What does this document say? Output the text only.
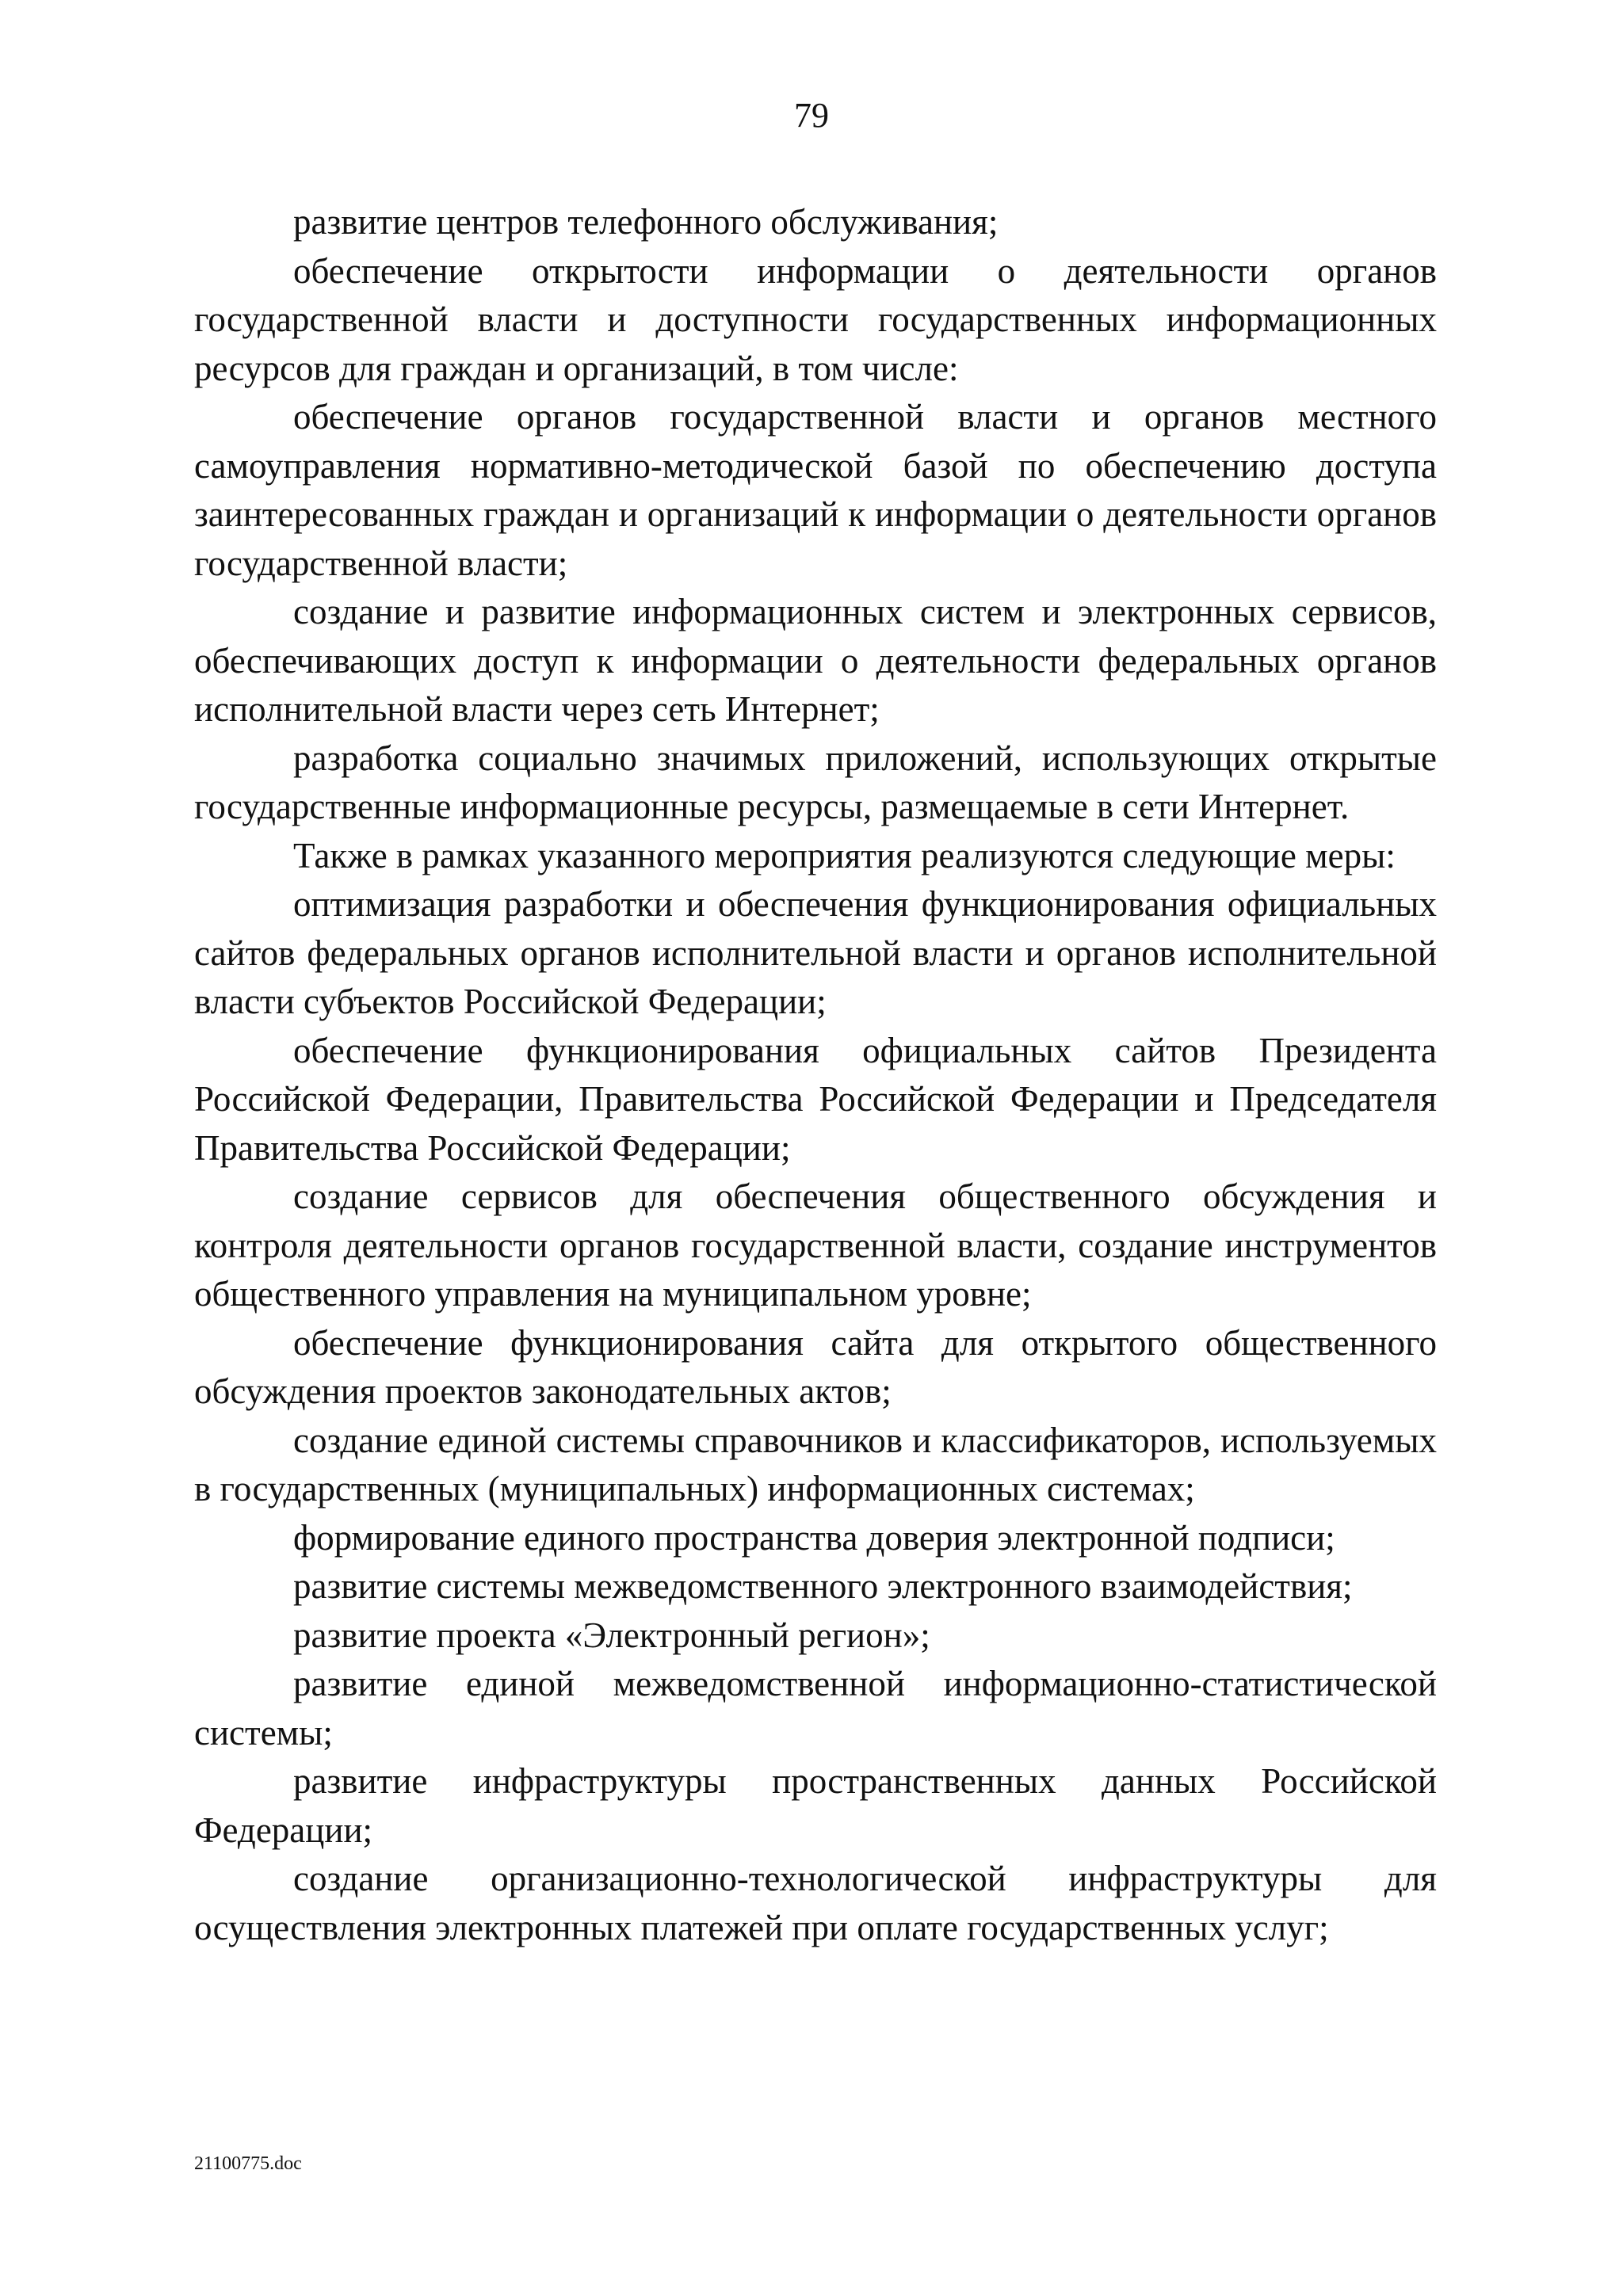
79

развитие центров телефонного обслуживания;

обеспечение открытости информации о деятельности органов государственной власти и доступности государственных информационных ресурсов для граждан и организаций, в том числе:

обеспечение органов государственной власти и органов местного самоуправления нормативно-методической базой по обеспечению доступа заинтересованных граждан и организаций к информации о деятельности органов государственной власти;

создание и развитие информационных систем и электронных сервисов, обеспечивающих доступ к информации о деятельности федеральных органов исполнительной власти через сеть Интернет;

разработка социально значимых приложений, использующих открытые государственные информационные ресурсы, размещаемые в сети Интернет.

Также в рамках указанного мероприятия реализуются следующие меры:

оптимизация разработки и обеспечения функционирования официальных сайтов федеральных органов исполнительной власти и органов исполнительной власти субъектов Российской Федерации;

обеспечение функционирования официальных сайтов Президента Российской Федерации, Правительства Российской Федерации и Председателя Правительства Российской Федерации;

создание сервисов для обеспечения общественного обсуждения и контроля деятельности органов государственной власти, создание инструментов общественного управления на муниципальном уровне;

обеспечение функционирования сайта для открытого общественного обсуждения проектов законодательных актов;

создание единой системы справочников и классификаторов, используемых в государственных (муниципальных) информационных системах;

формирование единого пространства доверия электронной подписи;

развитие системы межведомственного электронного взаимодействия;

развитие проекта «Электронный регион»;

развитие единой межведомственной информационно-статистической системы;

развитие инфраструктуры пространственных данных Российской Федерации;

создание организационно-технологической инфраструктуры для осуществления электронных платежей при оплате государственных услуг;

21100775.doc
